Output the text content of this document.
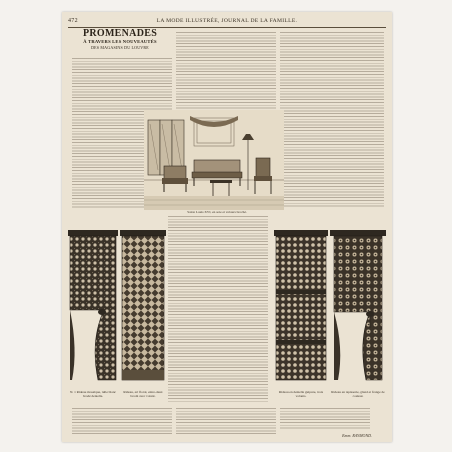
472	LA MODE ILLUSTRÉE, JOURNAL DE LA FAMILLE.
PROMENADES
À TRAVERS LES NOUVEAUTÉS
DES MAGASINS DU LOUVRE
Salon Louis XVI, en soie et velours broché.
N. 1 Rideau mosaïque, tulle blanc brodé dentelle.
Rideau, art floral, entre-deux brodé avec volant.
Rideau en dentelle guipure, trois volants.
Rideau en tapisserie, gland et frange de couleur.
Emm. RAYMOND.
